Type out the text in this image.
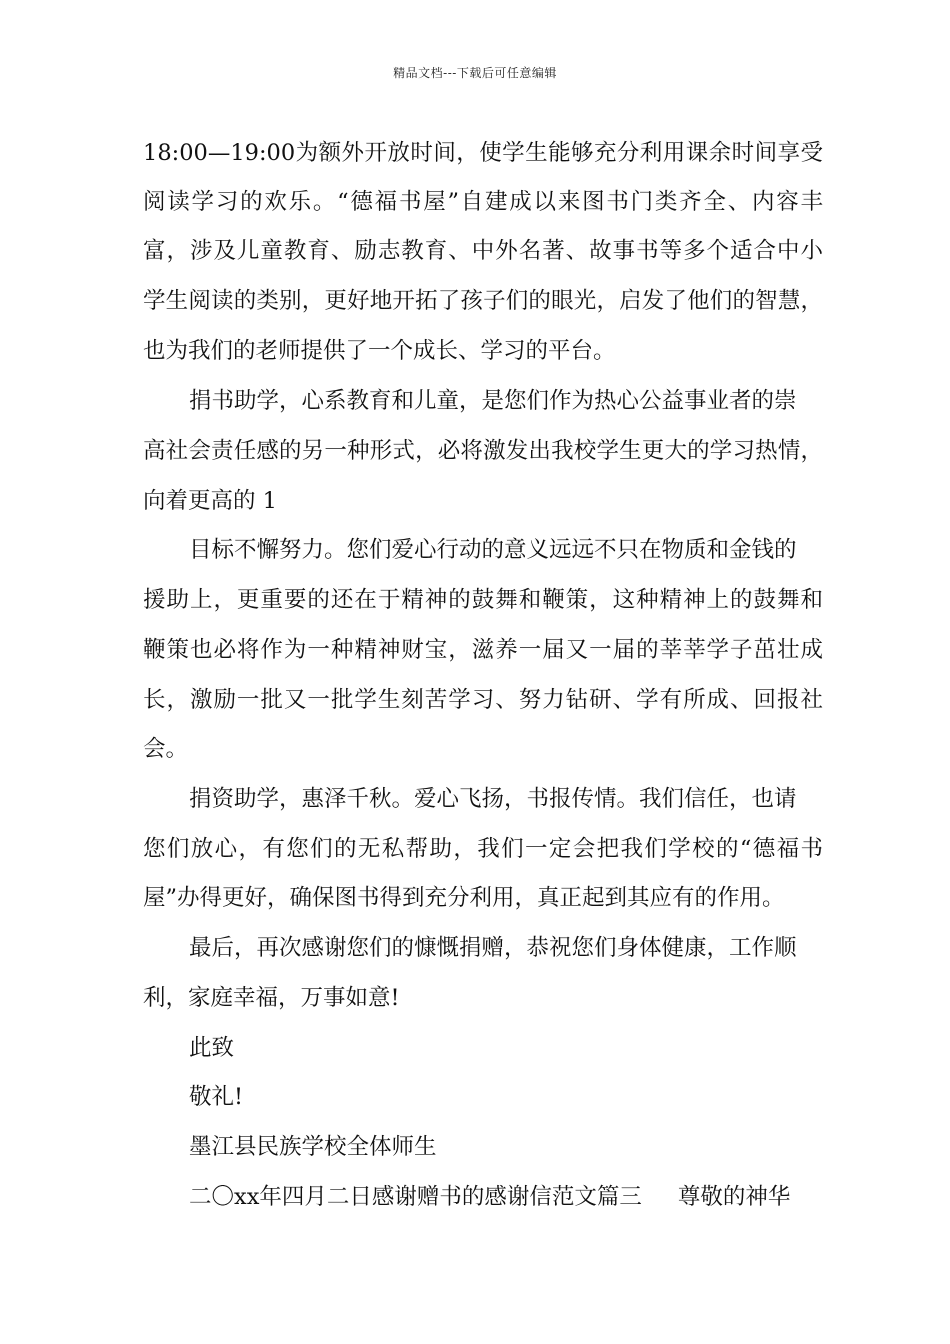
精品文档---下载后可任意编辑
18:00—19:00为额外开放时间，使学生能够充分利用课余时间享受
阅读学习的欢乐。“德福书屋”自建成以来图书门类齐全、内容丰
富，涉及儿童教育、励志教育、中外名著、故事书等多个适合中小
学生阅读的类别，更好地开拓了孩子们的眼光，启发了他们的智慧，
也为我们的老师提供了一个成长、学习的平台。
捐书助学，心系教育和儿童，是您们作为热心公益事业者的崇
高社会责任感的另一种形式，必将激发出我校学生更大的学习热情，
向着更高的 1
目标不懈努力。您们爱心行动的意义远远不只在物质和金钱的
援助上，更重要的还在于精神的鼓舞和鞭策，这种精神上的鼓舞和
鞭策也必将作为一种精神财宝，滋养一届又一届的莘莘学子茁壮成
长，激励一批又一批学生刻苦学习、努力钻研、学有所成、回报社
会。
捐资助学，惠泽千秋。爱心飞扬，书报传情。我们信任，也请
您们放心，有您们的无私帮助，我们一定会把我们学校的“德福书
屋”办得更好，确保图书得到充分利用，真正起到其应有的作用。
最后，再次感谢您们的慷慨捐赠，恭祝您们身体健康，工作顺
利，家庭幸福，万事如意!
此致
敬礼!
墨江县民族学校全体师生
二〇xx年四月二日感谢赠书的感谢信范文篇三 尊敬的神华
